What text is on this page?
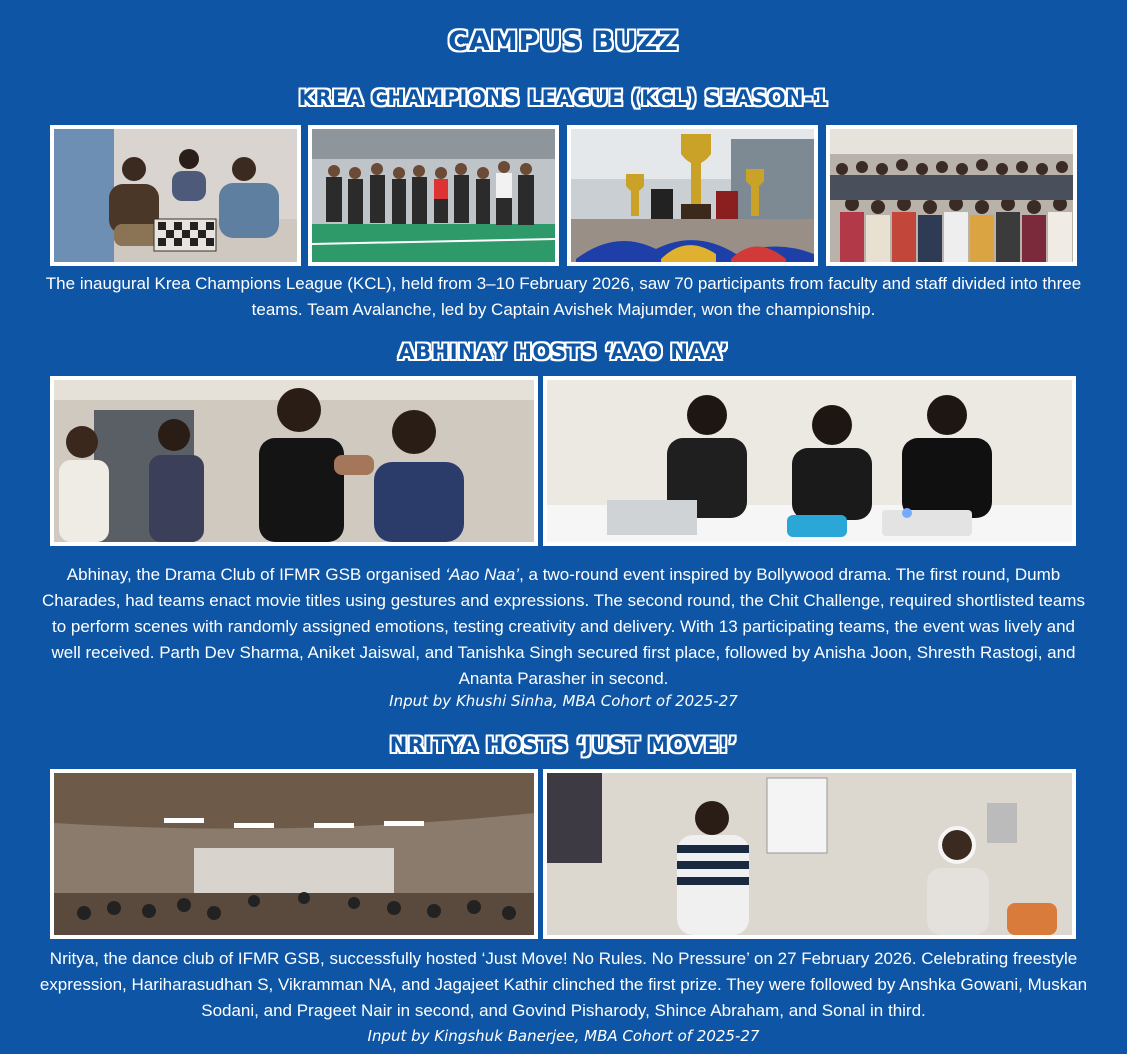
CAMPUS BUZZ
KREA CHAMPIONS LEAGUE (KCL) SEASON-1
The inaugural Krea Champions League (KCL), held from 3–10 February 2026, saw 70 participants from faculty and staff divided into three teams. Team Avalanche, led by Captain Avishek Majumder, won the championship.
ABHINAY HOSTS ‘AAO NAA’
Abhinay, the Drama Club of IFMR GSB organised ‘Aao Naa’, a two-round event inspired by Bollywood drama. The first round, Dumb Charades, had teams enact movie titles using gestures and expressions. The second round, the Chit Challenge, required shortlisted teams to perform scenes with randomly assigned emotions, testing creativity and delivery. With 13 participating teams, the event was lively and well received. Parth Dev Sharma, Aniket Jaiswal, and Tanishka Singh secured first place, followed by Anisha Joon, Shresth Rastogi, and Ananta Parasher in second.
Input by Khushi Sinha, MBA Cohort of 2025-27
NRITYA HOSTS ‘JUST MOVE!’
Nritya, the dance club of IFMR GSB, successfully hosted ‘Just Move! No Rules. No Pressure’ on 27 February 2026. Celebrating freestyle expression, Hariharasudhan S, Vikramman NA, and Jagajeet Kathir clinched the first prize. They were followed by Anshka Gowani, Muskan Sodani, and Prageet Nair in second, and Govind Pisharody, Shince Abraham, and Sonal in third.
Input by Kingshuk Banerjee, MBA Cohort of 2025-27
